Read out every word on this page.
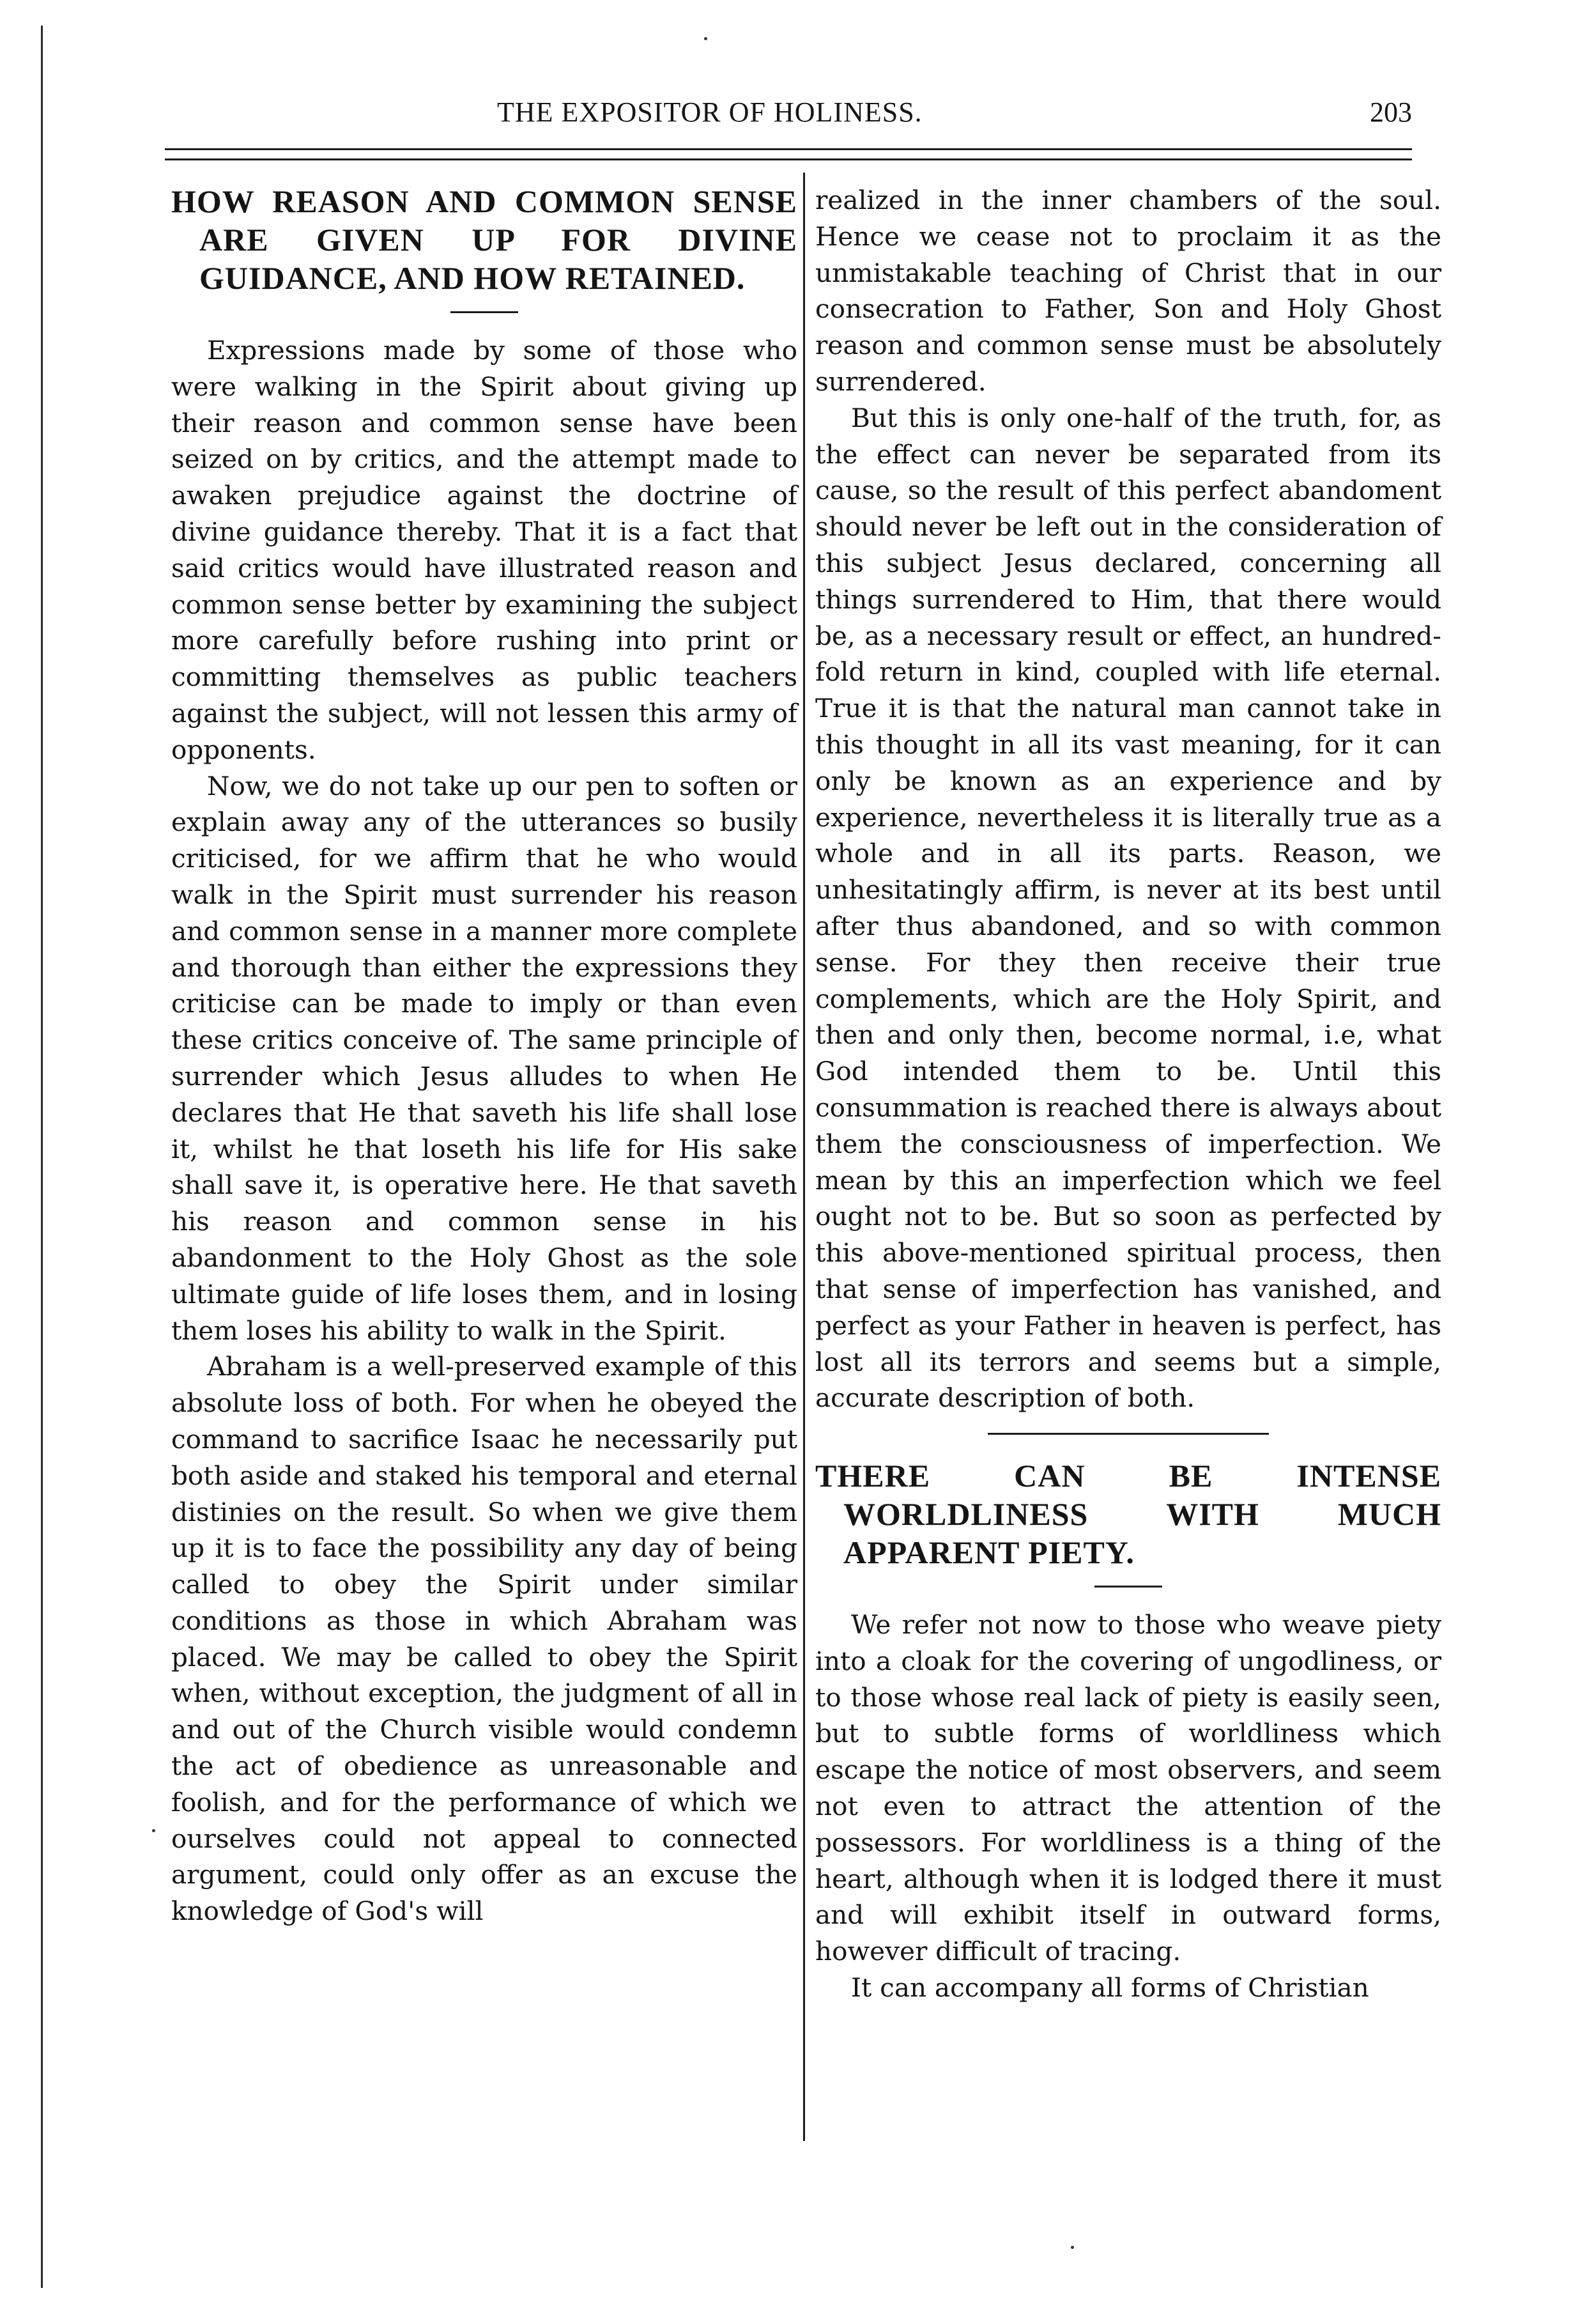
THE EXPOSITOR OF HOLINESS.	203
HOW REASON AND COMMON SENSE ARE GIVEN UP FOR DIVINE GUIDANCE, AND HOW RETAINED.

Expressions made by some of those who were walking in the Spirit about giving up their reason and common sense have been seized on by critics, and the attempt made to awaken prejudice against the doctrine of divine guidance thereby. That it is a fact that said critics would have illustrated reason and common sense better by examining the subject more carefully before rushing into print or committing themselves as public teachers against the subject, will not lessen this army of opponents.

Now, we do not take up our pen to soften or explain away any of the utterances so busily criticised, for we affirm that he who would walk in the Spirit must surrender his reason and common sense in a manner more complete and thorough than either the expressions they criticise can be made to imply or than even these critics conceive of. The same principle of surrender which Jesus alludes to when He declares that He that saveth his life shall lose it, whilst he that loseth his life for His sake shall save it, is operative here. He that saveth his reason and common sense in his abandonment to the Holy Ghost as the sole ultimate guide of life loses them, and in losing them loses his ability to walk in the Spirit.

Abraham is a well-preserved example of this absolute loss of both. For when he obeyed the command to sacrifice Isaac he necessarily put both aside and staked his temporal and eternal distinies on the result. So when we give them up it is to face the possibility any day of being called to obey the Spirit under similar conditions as those in which Abraham was placed. We may be called to obey the Spirit when, without exception, the judgment of all in and out of the Church visible would condemn the act of obedience as unreasonable and foolish, and for the performance of which we ourselves could not appeal to connected argument, could only offer as an excuse the knowledge of God's will

realized in the inner chambers of the soul. Hence we cease not to proclaim it as the unmistakable teaching of Christ that in our consecration to Father, Son and Holy Ghost reason and common sense must be absolutely surrendered.

But this is only one-half of the truth, for, as the effect can never be separated from its cause, so the result of this perfect abandoment should never be left out in the consideration of this subject Jesus declared, concerning all things surrendered to Him, that there would be, as a necessary result or effect, an hundred-fold return in kind, coupled with life eternal. True it is that the natural man cannot take in this thought in all its vast meaning, for it can only be known as an experience and by experience, nevertheless it is literally true as a whole and in all its parts. Reason, we unhesitatingly affirm, is never at its best until after thus abandoned, and so with common sense. For they then receive their true complements, which are the Holy Spirit, and then and only then, become normal, i.e, what God intended them to be. Until this consummation is reached there is always about them the consciousness of imperfection. We mean by this an imperfection which we feel ought not to be. But so soon as perfected by this above-mentioned spiritual process, then that sense of imperfection has vanished, and perfect as your Father in heaven is perfect, has lost all its terrors and seems but a simple, accurate description of both.

THERE CAN BE INTENSE WORLDLINESS WITH MUCH APPARENT PIETY.

We refer not now to those who weave piety into a cloak for the covering of ungodliness, or to those whose real lack of piety is easily seen, but to subtle forms of worldliness which escape the notice of most observers, and seem not even to attract the attention of the possessors. For worldliness is a thing of the heart, although when it is lodged there it must and will exhibit itself in outward forms, however difficult of tracing.

It can accompany all forms of Christian
